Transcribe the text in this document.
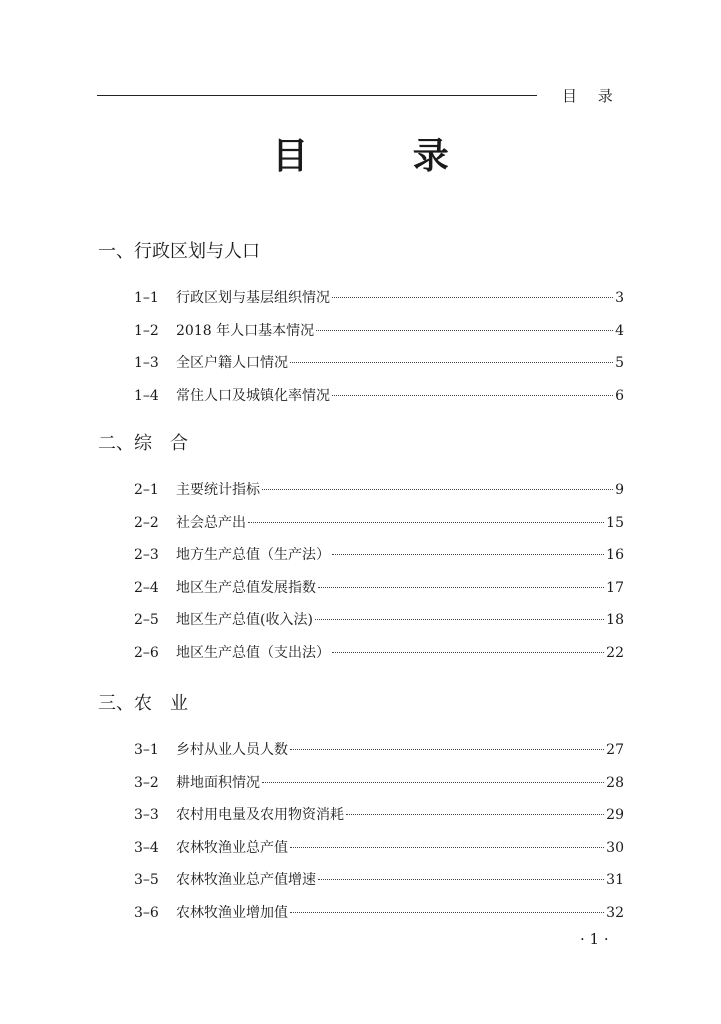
目 录
目 录
一、行政区划与人口
1–1	行政区划与基层组织情况	3
1–2	2018 年人口基本情况	4
1–3	全区户籍人口情况	5
1–4	常住人口及城镇化率情况	6
二、综　合
2–1	主要统计指标	9
2–2	社会总产出	15
2–3	地方生产总值（生产法）	16
2–4	地区生产总值发展指数	17
2–5	地区生产总值(收入法)	18
2–6	地区生产总值（支出法）	22
三、农　业
3–1	乡村从业人员人数	27
3–2	耕地面积情况	28
3–3	农村用电量及农用物资消耗	29
3–4	农林牧渔业总产值	30
3–5	农林牧渔业总产值增速	31
3–6	农林牧渔业增加值	32
· 1 ·
